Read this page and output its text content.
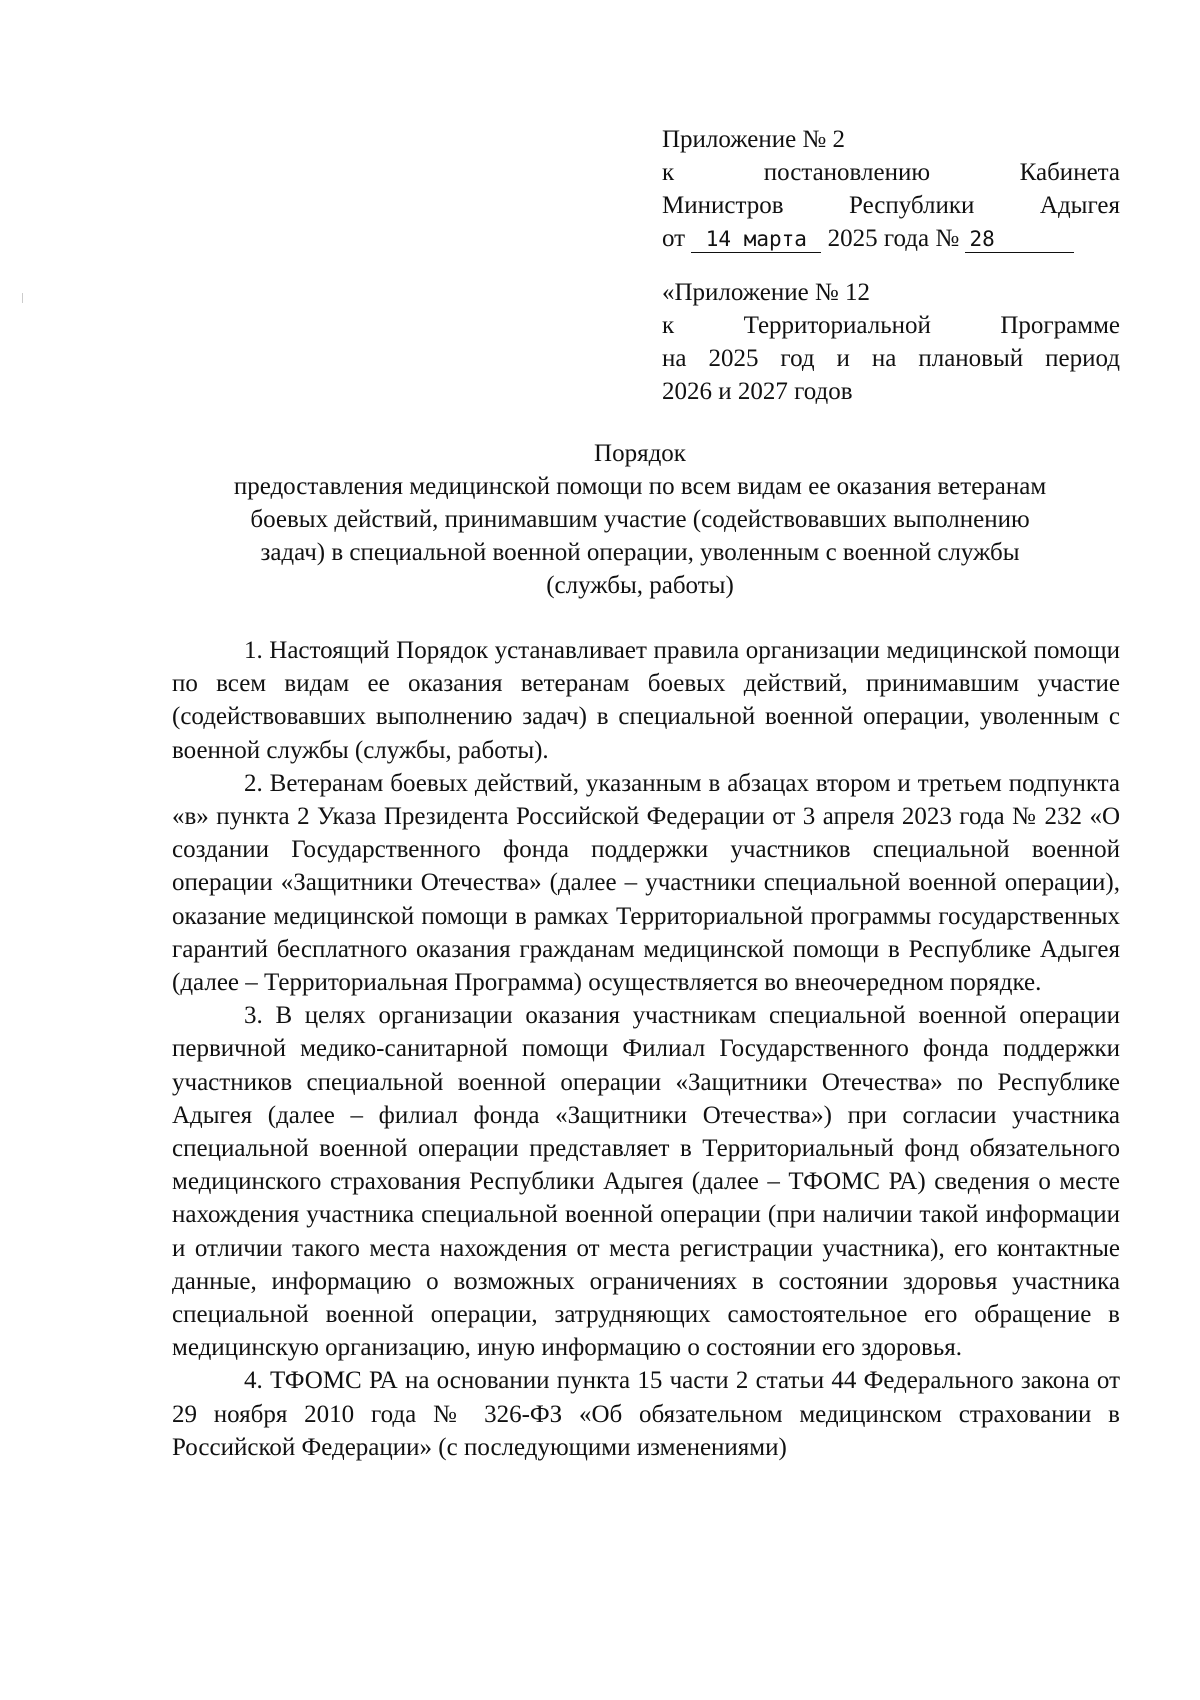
Приложение № 2
к постановлению Кабинета
Министров Республики Адыгея
от 14 марта 2025 года № 28
«Приложение № 12
к Территориальной Программе
на 2025 год и на плановый период
2026 и 2027 годов
Порядок
предоставления медицинской помощи по всем видам ее оказания ветеранам
боевых действий, принимавшим участие (содействовавших выполнению
задач) в специальной военной операции, уволенным с военной службы
(службы, работы)

1. Настоящий Порядок устанавливает правила организации медицинской помощи по всем видам ее оказания ветеранам боевых действий, принимавшим участие (содействовавших выполнению задач) в специальной военной операции, уволенным с военной службы (службы, работы).

2. Ветеранам боевых действий, указанным в абзацах втором и третьем подпункта «в» пункта 2 Указа Президента Российской Федерации от 3 апреля 2023 года № 232 «О создании Государственного фонда поддержки участников специальной военной операции «Защитники Отечества» (далее – участники специальной военной операции), оказание медицинской помощи в рамках Территориальной программы государственных гарантий бесплатного оказания гражданам медицинской помощи в Республике Адыгея (далее – Территориальная Программа) осуществляется во внеочередном порядке.

3. В целях организации оказания участникам специальной военной операции первичной медико-санитарной помощи Филиал Государственного фонда поддержки участников специальной военной операции «Защитники Отечества» по Республике Адыгея (далее – филиал фонда «Защитники Отечества») при согласии участника специальной военной операции представляет в Территориальный фонд обязательного медицинского страхования Республики Адыгея (далее – ТФОМС РА) сведения о месте нахождения участника специальной военной операции (при наличии такой информации и отличии такого места нахождения от места регистрации участника), его контактные данные, информацию о возможных ограничениях в состоянии здоровья участника специальной военной операции, затрудняющих самостоятельное его обращение в медицинскую организацию, иную информацию о состоянии его здоровья.

4. ТФОМС РА на основании пункта 15 части 2 статьи 44 Федерального закона от 29 ноября 2010 года № 326-ФЗ «Об обязательном медицинском страховании в Российской Федерации» (с последующими изменениями)
